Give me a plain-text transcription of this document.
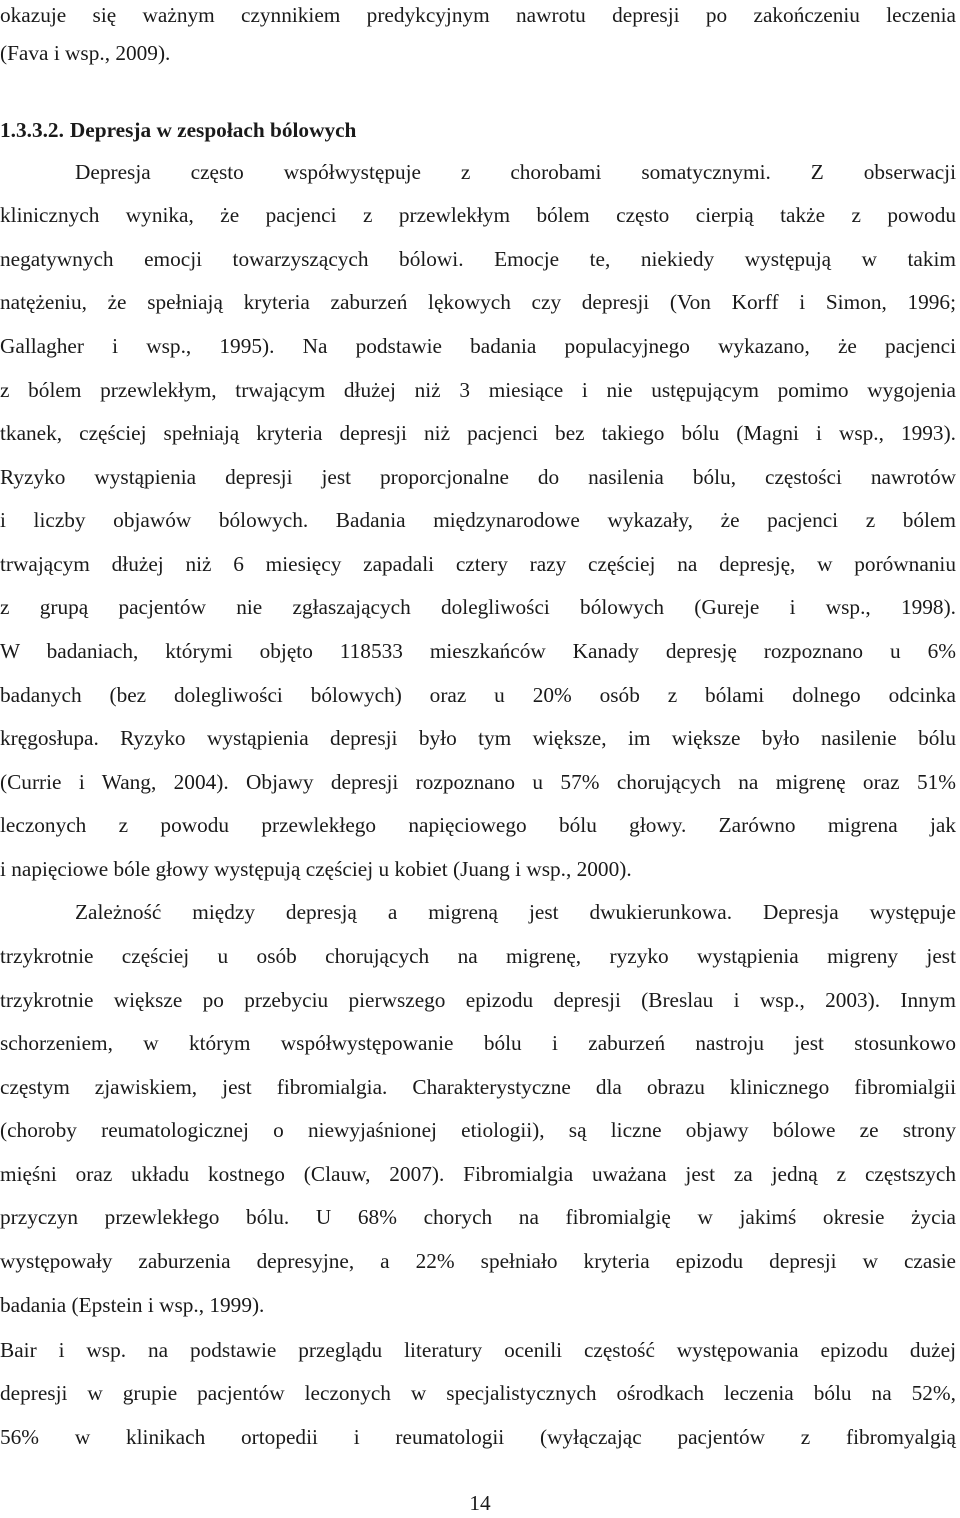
okazuje się ważnym czynnikiem predykcyjnym nawrotu depresji po zakończeniu leczenia
(Fava i wsp., 2009).
1.3.3.2. Depresja w zespołach bólowych
Depresja często współwystępuje z chorobami somatycznymi. Z obserwacji
klinicznych wynika, że pacjenci z przewlekłym bólem często cierpią także z powodu
negatywnych emocji towarzyszących bólowi. Emocje te, niekiedy występują w takim
natężeniu, że spełniają kryteria zaburzeń lękowych czy depresji (Von Korff i Simon, 1996;
Gallagher i wsp., 1995). Na podstawie badania populacyjnego wykazano, że pacjenci
z bólem przewlekłym, trwającym dłużej niż 3 miesiące i nie ustępującym pomimo wygojenia
tkanek, częściej spełniają kryteria depresji niż pacjenci bez takiego bólu (Magni i wsp., 1993).
Ryzyko wystąpienia depresji jest proporcjonalne do nasilenia bólu, częstości nawrotów
i liczby objawów bólowych. Badania międzynarodowe wykazały, że pacjenci z bólem
trwającym dłużej niż 6 miesięcy zapadali cztery razy częściej na depresję, w porównaniu
z grupą pacjentów nie zgłaszających dolegliwości bólowych (Gureje i wsp., 1998).
W badaniach, którymi objęto 118533 mieszkańców Kanady depresję rozpoznano u 6%
badanych (bez dolegliwości bólowych) oraz u 20% osób z bólami dolnego odcinka
kręgosłupa. Ryzyko wystąpienia depresji było tym większe, im większe było nasilenie bólu
(Currie i Wang, 2004). Objawy depresji rozpoznano u 57% chorujących na migrenę oraz 51%
leczonych z powodu przewlekłego napięciowego bólu głowy. Zarówno migrena jak
i napięciowe bóle głowy występują częściej u kobiet (Juang i wsp., 2000).
Zależność między depresją a migreną jest dwukierunkowa. Depresja występuje
trzykrotnie częściej u osób chorujących na migrenę, ryzyko wystąpienia migreny jest
trzykrotnie większe po przebyciu pierwszego epizodu depresji (Breslau i wsp., 2003). Innym
schorzeniem, w którym współwystępowanie bólu i zaburzeń nastroju jest stosunkowo
częstym zjawiskiem, jest fibromialgia. Charakterystyczne dla obrazu klinicznego fibromialgii
(choroby reumatologicznej o niewyjaśnionej etiologii), są liczne objawy bólowe ze strony
mięśni oraz układu kostnego (Clauw, 2007). Fibromialgia uważana jest za jedną z częstszych
przyczyn przewlekłego bólu. U 68% chorych na fibromialgię w jakimś okresie życia
występowały zaburzenia depresyjne, a 22% spełniało kryteria epizodu depresji w czasie
badania (Epstein i wsp., 1999).
Bair i wsp. na podstawie przeglądu literatury ocenili częstość występowania epizodu dużej
depresji w grupie pacjentów leczonych w specjalistycznych ośrodkach leczenia bólu na 52%,
56% w klinikach ortopedii i reumatologii (wyłączając pacjentów z fibromyalgią
14
